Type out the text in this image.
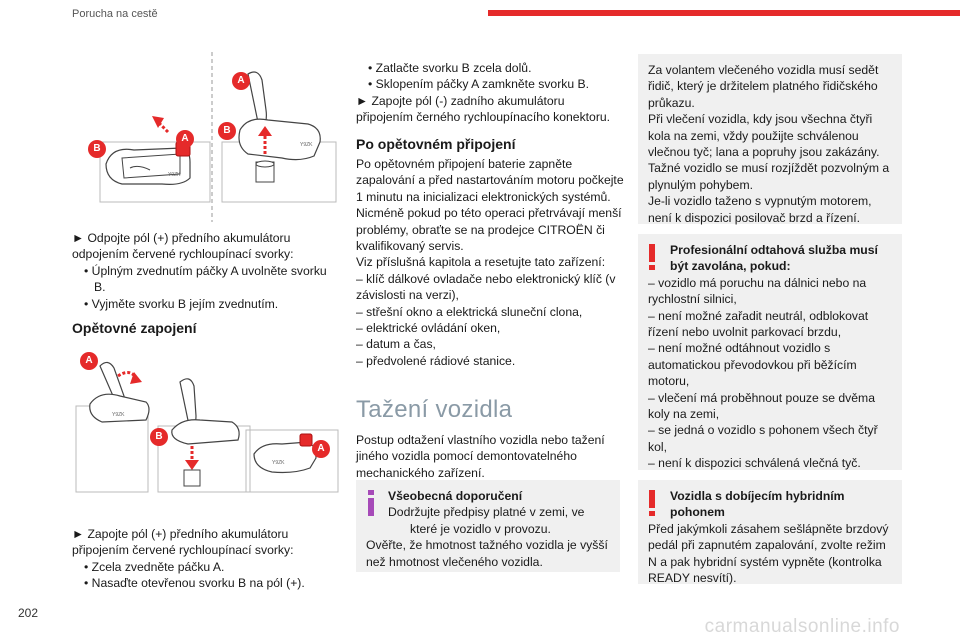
Porucha na cestě
Y9ZK
Y9ZK
A
B
A
B

► Odpojte pól (+) předního akumulátoru odpojením červené rychloupínací svorky:

• Úplným zvednutím páčky A uvolněte svorku B.

• Vyjměte svorku B jejím zvednutím.

Opětovné zapojení
Y9ZK
Y9ZK
A
B
A

► Zapojte pól (+) předního akumulátoru připojením červené rychloupínací svorky:

• Zcela zvedněte páčku A.

• Nasaďte otevřenou svorku B na pól (+).

• Zatlačte svorku B zcela dolů.

• Sklopením páčky A zamkněte svorku B.

► Zapojte pól (-) zadního akumulátoru připojením černého rychloupínacího konektoru.

Po opětovném připojení

Po opětovném připojení baterie zapněte zapalování a před nastartováním motoru počkejte 1 minutu na inicializaci elektronických systémů.

Nicméně pokud po této operaci přetrvávají menší problémy, obraťte se na prodejce CITROËN či kvalifikovaný servis.

Viz příslušná kapitola a resetujte tato zařízení:

– klíč dálkové ovladače nebo elektronický klíč (v závislosti na verzi),

– střešní okno a elektrická sluneční clona,

– elektrické ovládání oken,

– datum a čas,

– předvolené rádiové stanice.

Tažení vozidla

Postup odtažení vlastního vozidla nebo tažení jiného vozidla pomocí demontovatelného mechanického zařízení.

Všeobecná doporučení

Dodržujte předpisy platné v zemi, ve které je vozidlo v provozu.

Ověřte, že hmotnost tažného vozidla je vyšší než hmotnost vlečeného vozidla.

Za volantem vlečeného vozidla musí sedět řidič, který je držitelem platného řidičského průkazu.

Při vlečení vozidla, kdy jsou všechna čtyři kola na zemi, vždy použijte schválenou vlečnou tyč; lana a popruhy jsou zakázány.

Tažné vozidlo se musí rozjíždět pozvolným a plynulým pohybem.

Je-li vozidlo taženo s vypnutým motorem, není k dispozici posilovač brzd a řízení.

Profesionální odtahová služba musí být zavolána, pokud:

– vozidlo má poruchu na dálnici nebo na rychlostní silnici,

– není možné zařadit neutrál, odblokovat řízení nebo uvolnit parkovací brzdu,

– není možné odtáhnout vozidlo s automatickou převodovkou při běžícím motoru,

– vlečení má proběhnout pouze se dvěma koly na zemi,

– se jedná o vozidlo s pohonem všech čtyř kol,

– není k dispozici schválená vlečná tyč.

Vozidla s dobíjecím hybridním pohonem

Před jakýmkoli zásahem sešlápněte brzdový pedál při zapnutém zapalování, zvolte režim N a pak hybridní systém vypněte (kontrolka READY nesvítí).

202
carmanualsonline.info
